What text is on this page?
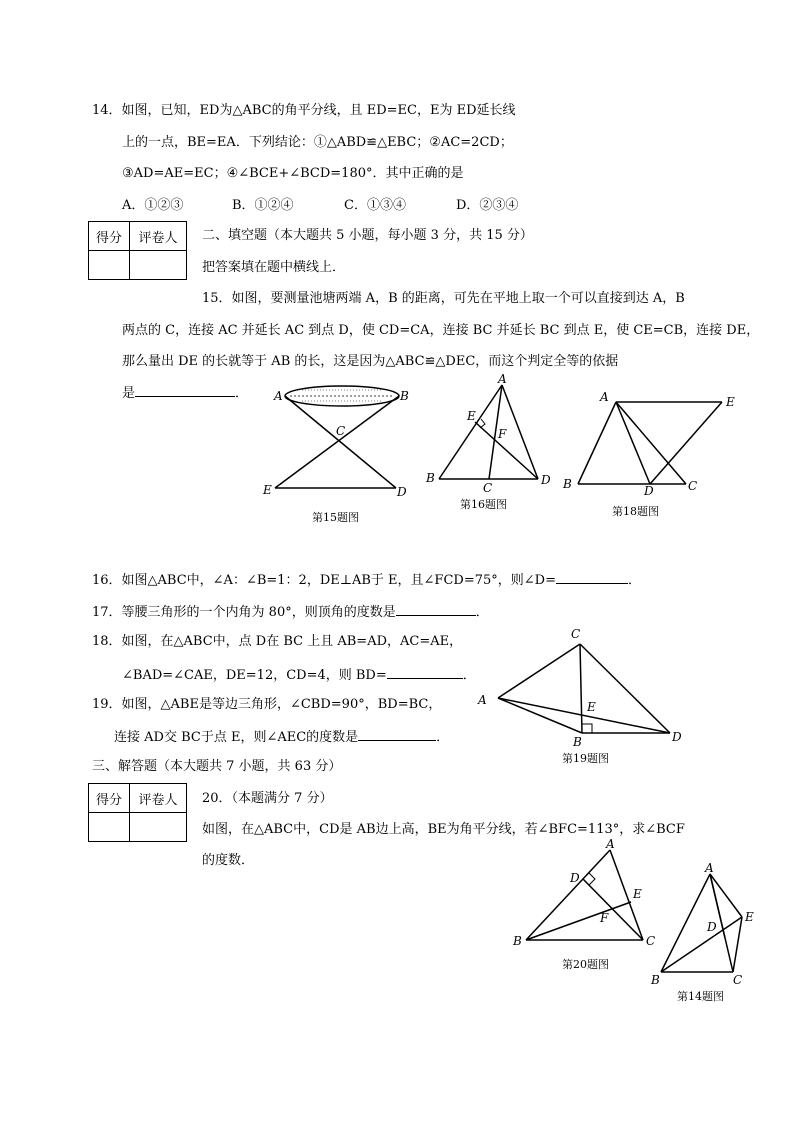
14．如图，已知，ED为△ABC的角平分线，且 ED=EC，E为 ED延长线
上的一点，BE=EA．下列结论：①△ABD≌△EBC；②AC=2CD；
③AD=AE=EC；④∠BCE+∠BCD=180°．其中正确的是
A．①②③	B．①②④	C．①③④	D．②③④
得分	评卷人
	二、填空题（本大题共 5 小题，每小题 3 分，共 15 分）
把答案填在题中横线上．
15．如图，要测量池塘两端 A，B 的距离，可先在平地上取一个可以直接到达 A，B
两点的 C，连接 AC 并延长 AC 到点 D，使 CD=CA，连接 BC 并延长 BC 到点 E，使 CE=CB，连接 DE，
那么量出 DE 的长就等于 AB 的长，这是因为△ABC≌△DEC，而这个判定全等的依据
是	． A	B
C
E	D
第15题图
A
E
F
B
C
D
第16题图
A	E
B	D	C
第18题图
16．如图△ABC中，∠A：∠B=1：2，DE⊥AB于 E，且∠FCD=75°，则∠D=	．
17．等腰三角形的一个内角为 80°，则顶角的度数是	．
18．如图，在△ABC中，点 D在 BC 上且 AB=AD，AC=AE，
∠BAD=∠CAE，DE=12，CD=4，则 BD=	．
19．如图，△ABE是等边三角形，∠CBD=90°，BD=BC，
连接 AD交 BC于点 E，则∠AEC的度数是	．
C
A	E
B	D
第19题图
三、解答题（本大题共 7 小题，共 63 分）
得分	评卷人
	20．（本题满分 7 分）
如图，在△ABC中，CD是 AB边上高，BE为角平分线，若∠BFC=113°，求∠BCF
的度数．
A
D
E
F
B	C
第20题图
A
E
D
B	C
第14题图
